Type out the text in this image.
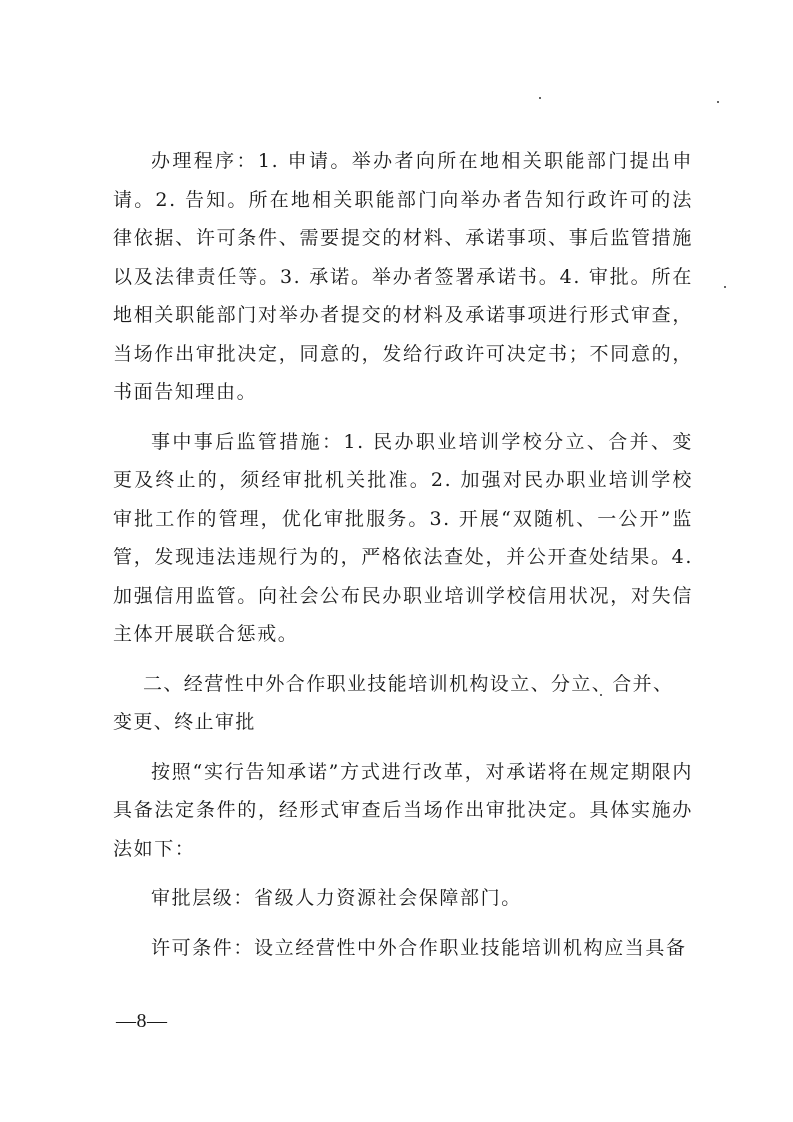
办理程序：1. 申请。举办者向所在地相关职能部门提出申请。2. 告知。所在地相关职能部门向举办者告知行政许可的法律依据、许可条件、需要提交的材料、承诺事项、事后监管措施以及法律责任等。3. 承诺。举办者签署承诺书。4. 审批。所在地相关职能部门对举办者提交的材料及承诺事项进行形式审查，当场作出审批决定，同意的，发给行政许可决定书；不同意的，书面告知理由。

事中事后监管措施：1. 民办职业培训学校分立、合并、变更及终止的，须经审批机关批准。2. 加强对民办职业培训学校审批工作的管理，优化审批服务。3. 开展“双随机、一公开”监管，发现违法违规行为的，严格依法查处，并公开查处结果。4. 加强信用监管。向社会公布民办职业培训学校信用状况，对失信主体开展联合惩戒。

二、经营性中外合作职业技能培训机构设立、分立、合并、变更、终止审批

按照“实行告知承诺”方式进行改革，对承诺将在规定期限内具备法定条件的，经形式审查后当场作出审批决定。具体实施办法如下：

审批层级：省级人力资源社会保障部门。

许可条件：设立经营性中外合作职业技能培训机构应当具备

—8—
